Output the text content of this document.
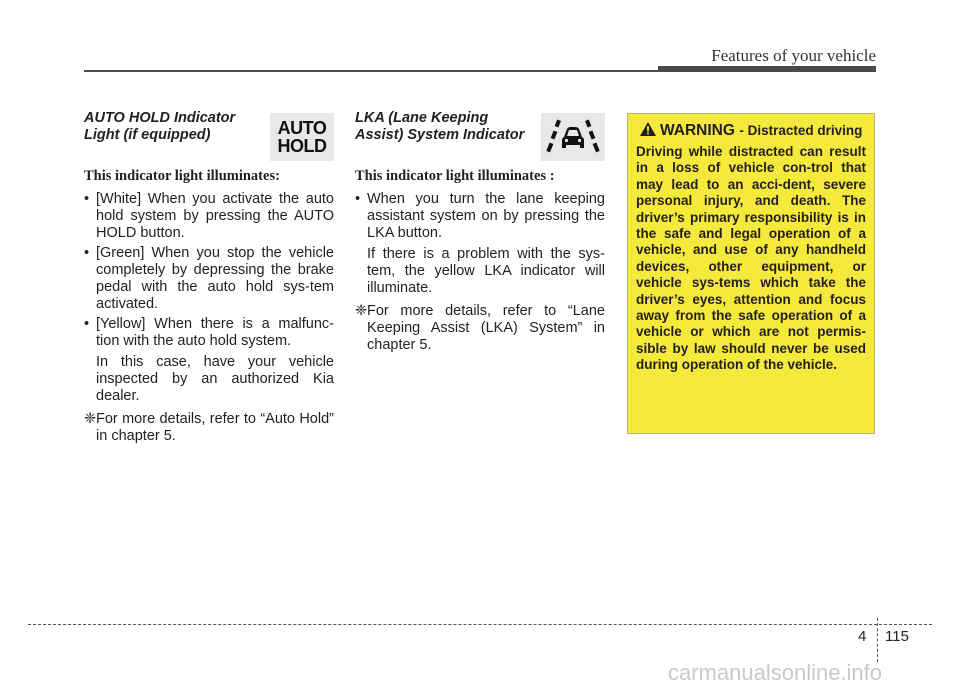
Features of your vehicle
AUTO HOLD Indicator
Light (if equipped)	AUTO
HOLD
This indicator light illuminates:
• [White] When you activate the auto hold system by pressing the AUTO HOLD button.
• [Green] When you stop the vehicle completely by depressing the brake pedal with the auto hold sys-tem activated.
• [Yellow] When there is a malfunc-tion with the auto hold system.
In this case, have your vehicle inspected by an authorized Kia dealer.
❈ For more details, refer to “Auto Hold” in chapter 5.
LKA (Lane Keeping
Assist) System Indicator
This indicator light illuminates :
• When you turn the lane keeping assistant system on by pressing the LKA button.
If there is a problem with the sys-tem, the yellow LKA indicator will illuminate.
❈ For more details, refer to “Lane Keeping Assist (LKA) System” in chapter 5.
WARNING - Distracted driving
Driving while distracted can result in a loss of vehicle con-trol that may lead to an acci-dent, severe personal injury, and death. The driver’s primary responsibility is in the safe and legal operation of a vehicle, and use of any handheld devices, other equipment, or vehicle sys-tems which take the driver’s eyes, attention and focus away from the safe operation of a vehicle or which are not permis-sible by law should never be used during operation of the vehicle.
4 115
carmanualsonline.info
